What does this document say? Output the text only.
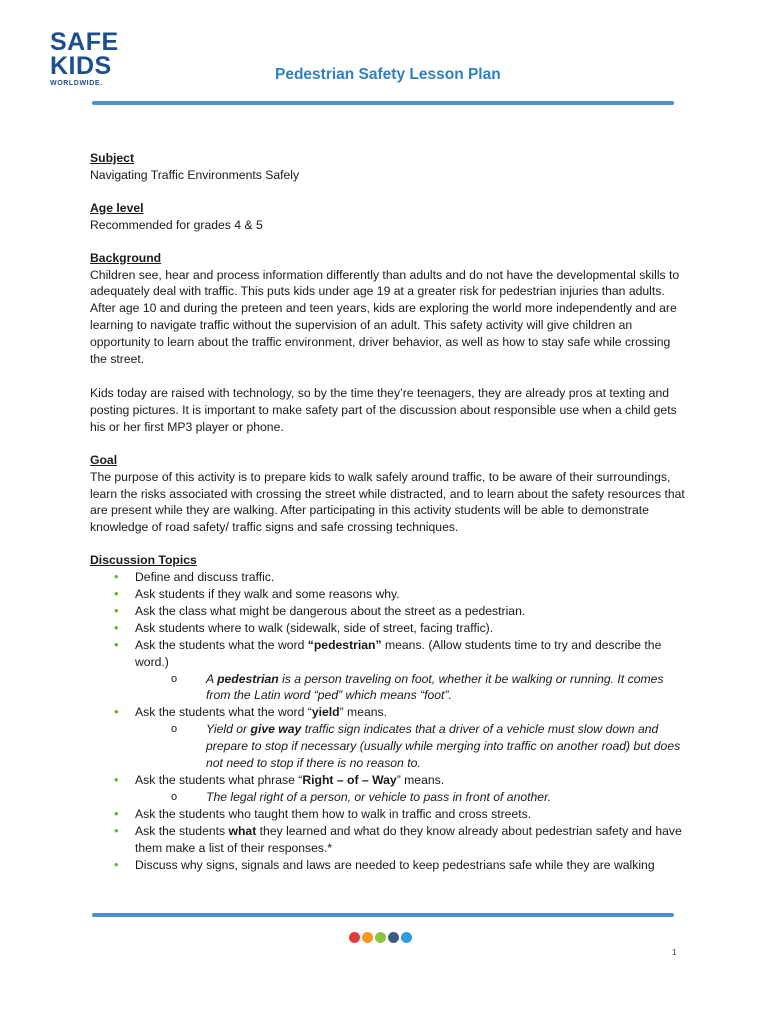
SAFE
KIDS
WORLDWIDE.
Pedestrian Safety Lesson Plan
Subject

Navigating Traffic Environments Safely

Age level

Recommended for grades 4 & 5

Background

Children see, hear and process information differently than adults and do not have the developmental skills to adequately deal with traffic. This puts kids under age 19 at a greater risk for pedestrian injuries than adults. After age 10 and during the preteen and teen years, kids are exploring the world more independently and are learning to navigate traffic without the supervision of an adult. This safety activity will give children an opportunity to learn about the traffic environment, driver behavior, as well as how to stay safe while crossing the street.

Kids today are raised with technology, so by the time they’re teenagers, they are already pros at texting and posting pictures. It is important to make safety part of the discussion about responsible use when a child gets his or her first MP3 player or phone.

Goal

The purpose of this activity is to prepare kids to walk safely around traffic, to be aware of their surroundings, learn the risks associated with crossing the street while distracted, and to learn about the safety resources that are present while they are walking. After participating in this activity students will be able to demonstrate knowledge of road safety/ traffic signs and safe crossing techniques.

Discussion Topics
• Define and discuss traffic.
• Ask students if they walk and some reasons why.
• Ask the class what might be dangerous about the street as a pedestrian.
• Ask students where to walk (sidewalk, side of street, facing traffic).
• Ask the students what the word “pedestrian” means. (Allow students time to try and describe the word.)
o A pedestrian is a person traveling on foot, whether it be walking or running. It comes from the Latin word “ped” which means “foot”.
• Ask the students what the word “yield” means.
o Yield or give way traffic sign indicates that a driver of a vehicle must slow down and prepare to stop if necessary (usually while merging into traffic on another road) but does not need to stop if there is no reason to.
• Ask the students what phrase “Right – of – Way” means.
o The legal right of a person, or vehicle to pass in front of another.
• Ask the students who taught them how to walk in traffic and cross streets.
• Ask the students what they learned and what do they know already about pedestrian safety and have them make a list of their responses.*
• Discuss why signs, signals and laws are needed to keep pedestrians safe while they are walking
1
